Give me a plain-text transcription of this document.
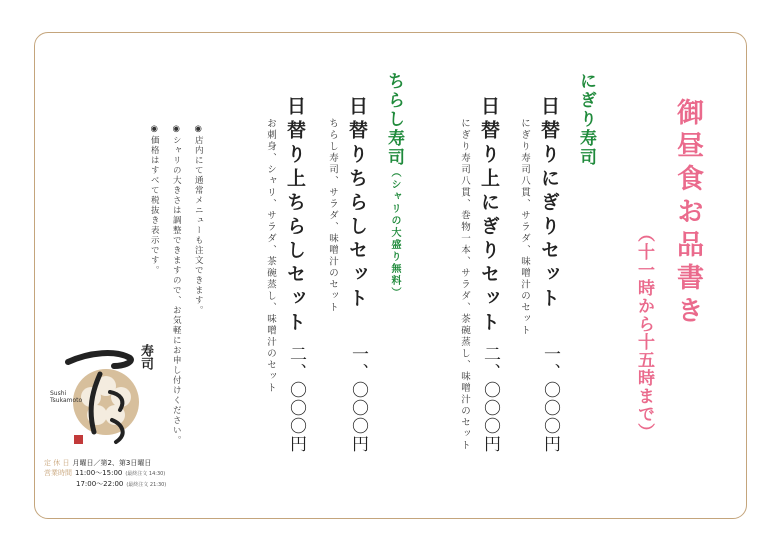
御昼食お品書き
（十一時から十五時まで）
にぎり寿司
日替りにぎりセット
にぎり寿司八貫、サラダ、味噌汁のセット
一、〇〇〇円
日替り上にぎりセット
にぎり寿司八貫、巻物一本、サラダ、茶碗蒸し、味噌汁のセット 二、〇〇〇円
ちらし寿司（シャリの大盛り無料）
日替りちらしセット
ちらし寿司、サラダ、味噌汁のセット
一、〇〇〇円
日替り上ちらしセット
お刺身、シャリ、サラダ、茶碗蒸し、味噌汁のセット
二、〇〇〇円
◉店内にて通常メニューも注文できます。
◉シャリの大きさは調整できますので、お気軽にお申し付けください。
◉価格はすべて税抜き表示です。
寿司
Sushi
Tsukamoto
定 休 日 月曜日／第2、第3日曜日
営業時間 11:00～15:00 (最終注文 14:30)
17:00～22:00 (最終注文 21:30)
